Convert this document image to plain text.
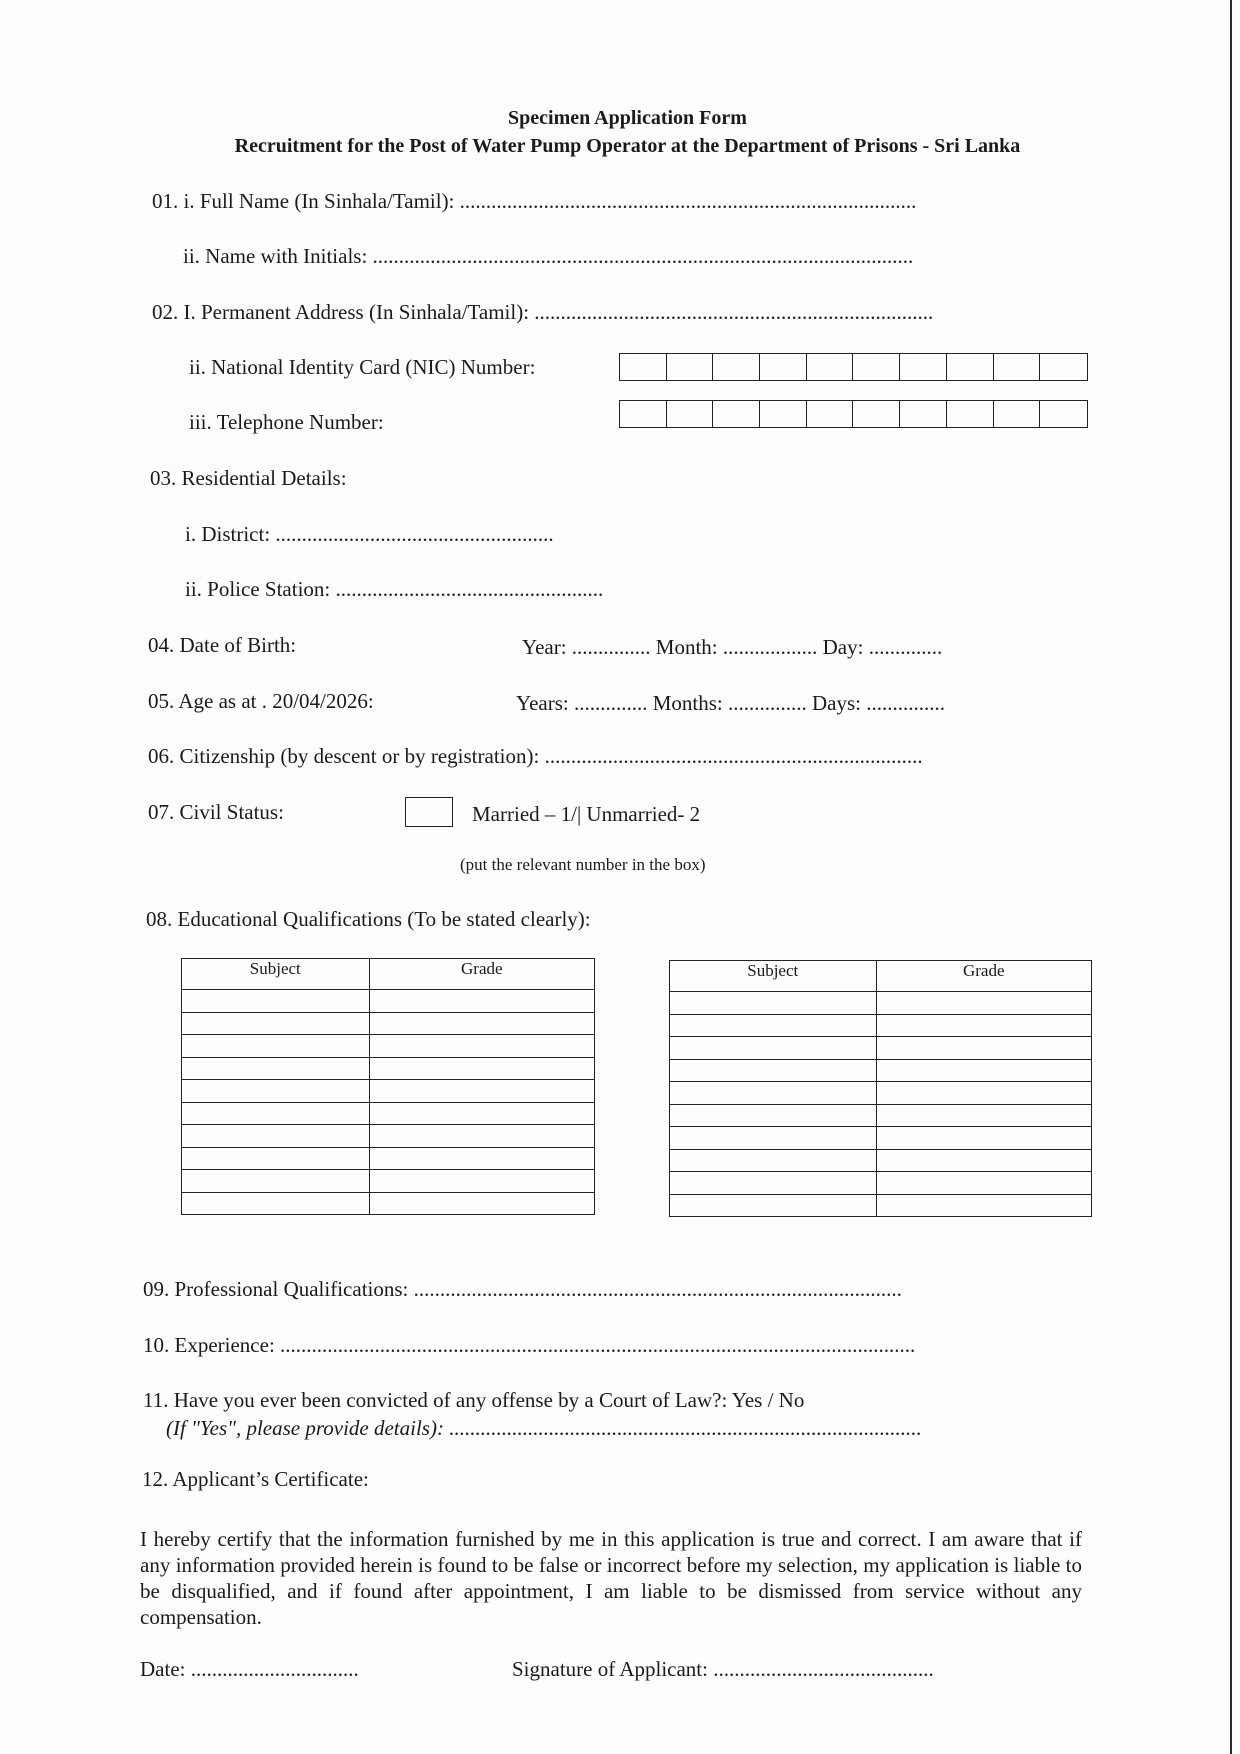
Specimen Application Form
Recruitment for the Post of Water Pump Operator at the Department of Prisons - Sri Lanka
01. i. Full Name (In Sinhala/Tamil): .......................................................................................
ii. Name with Initials: .......................................................................................................
02. I. Permanent Address (In Sinhala/Tamil): ............................................................................
ii. National Identity Card (NIC) Number:
iii. Telephone Number:
03. Residential Details:
i. District: .....................................................
ii. Police Station: ...................................................
04. Date of Birth:	Year: ............... Month: .................. Day: ..............
05. Age as at . 20/04/2026:	Years: .............. Months: ............... Days: ...............
06. Citizenship (by descent or by registration): ........................................................................
07. Civil Status:	Married – 1/| Unmarried- 2
(put the relevant number in the box)
08. Educational Qualifications (To be stated clearly):
Subject	Grade

		Subject	Grade

09. Professional Qualifications: .............................................................................................
10. Experience: .........................................................................................................................
11. Have you ever been convicted of any offense by a Court of Law?: Yes / No
(If "Yes", please provide details): ..........................................................................................
12. Applicant’s Certificate:
I hereby certify that the information furnished by me in this application is true and correct. I am aware that if any information provided herein is found to be false or incorrect before my selection, my application is liable to be disqualified, and if found after appointment, I am liable to be dismissed from service without any compensation.
Date: ................................	Signature of Applicant: ..........................................
